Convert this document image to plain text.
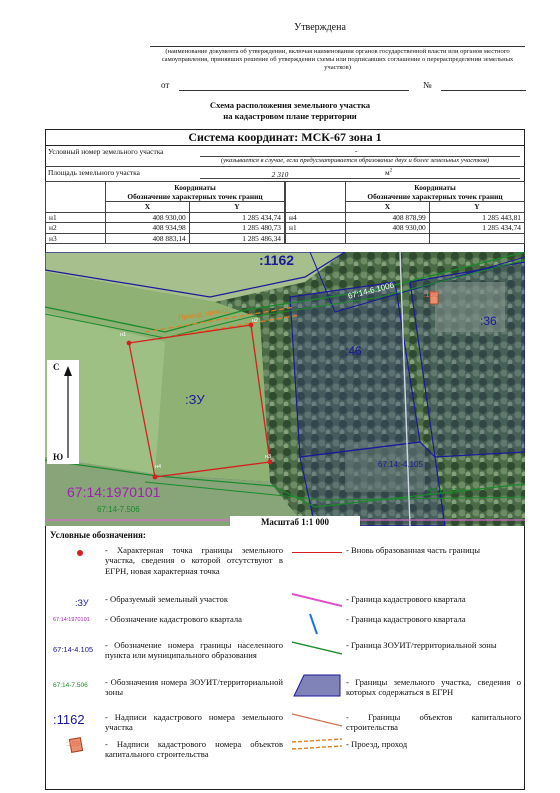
Утверждена
(наименование документа об утверждении, включая наименования органов государственной власти или органов местного самоуправления, принявших решение об утверждении схемы или подписавших соглашение о перераспределении земельных участков)
от	№
Схема расположения земельного участка
на кадастровом плане территории
Система координат: МСК-67 зона 1
Условный номер земельного участка	-
(указывается в случае, если предусматривается образование двух и более земельных участков)
Площадь земельного участка	2 310	$м^2$

	Координаты
Обозначение характерных точек границ	

	X	Y
н1	408 930,00	1 285 434,74
н2	408 934,98	1 285 480,73
н3	408 883,14	1 285 486,34

	Координаты
Обозначение характерных точек границ	

	X	Y
н4	408 878,99	1 285 443,81
н1	408 930,00	1 285 434,74

:1162
67:14-6.1006	:159
:36
:46
:ЗУ
Проезд, проход
67:14:-4.105
67:14-15.1
67:14:1970101
67:14-7.506
С
Ю
н1
н2
н3
н4
Масштаб 1:1 000
Условные обозначения:
- Характерная точка границы земельного участка, сведения о которой отсутствуют в ЕГРН, новая характерная точка
:ЗУ - Образуемый земельный участок
67:14:1970101 - Обозначение кадастрового квартала
67:14-4.105 - Обозначение номера границы населенного пункта или муниципального образования
67:14-7.506 - Обозначения номера ЗОУИТ/территориальной зоны
:1162 - Надписи кадастрового номера земельного участка
:159	- Надписи кадастрового номера объектов капитального строительства
- Вновь образованная часть границы
- Граница кадастрового квартала
- Граница кадастрового квартала
- Граница ЗОУИТ/территориальной зоны
- Границы земельного участка, сведения о которых содержаться в ЕГРН
- Границы объектов капитального строительства
- Проезд, проход
